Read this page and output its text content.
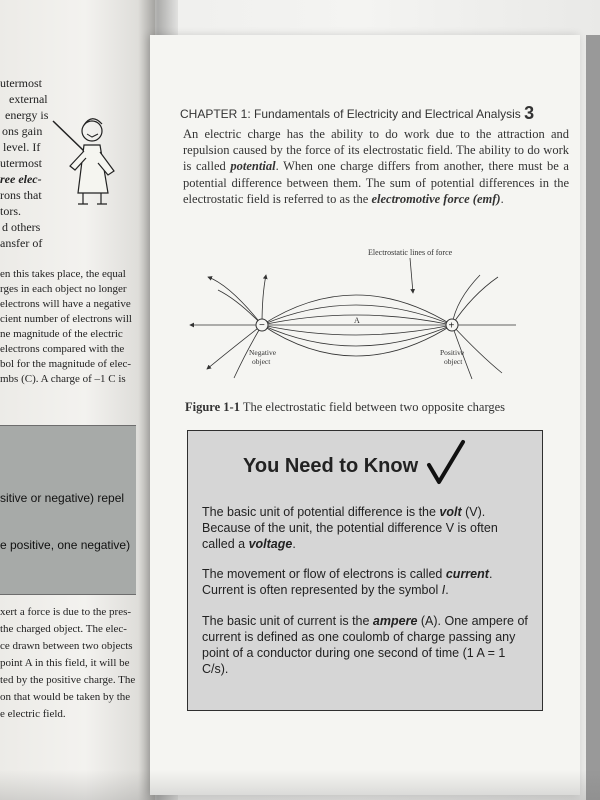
utermost
external
energy is
ons gain
level. If
utermost
ree elec-
rons that
tors.
d others
ansfer of
en this takes place, the equal
rges in each object no longer
electrons will have a negative
cient number of electrons will
ne magnitude of the electric
electrons compared with the
bol for the magnitude of elec-
mbs (C). A charge of –1 C is
sitive or negative) repel
e positive, one negative)
xert a force is due to the pres-
the charged object. The elec-
ce drawn between two objects
point A in this field, it will be
ted by the positive charge. The
on that would be taken by the
e electric field.
CHAPTER 1: Fundamentals of Electricity and Electrical Analysis 3
An electric charge has the ability to do work due to the attraction and repulsion caused by the force of its electrostatic field. The ability to do work is called potential. When one charge differs from another, there must be a potential difference between them. The sum of potential differences in the electrostatic field is referred to as the electromotive force (emf).
Electrostatic lines of force
−	+
A
Negative
object
Positive
object
Figure 1-1 The electrostatic field between two opposite charges
You Need to Know

The basic unit of potential difference is the volt (V). Because of the unit, the potential difference V is often called a voltage.

The movement or flow of electrons is called current. Current is often represented by the symbol I.

The basic unit of current is the ampere (A). One ampere of current is defined as one coulomb of charge passing any point of a conductor during one second of time (1 A = 1 C/s).
